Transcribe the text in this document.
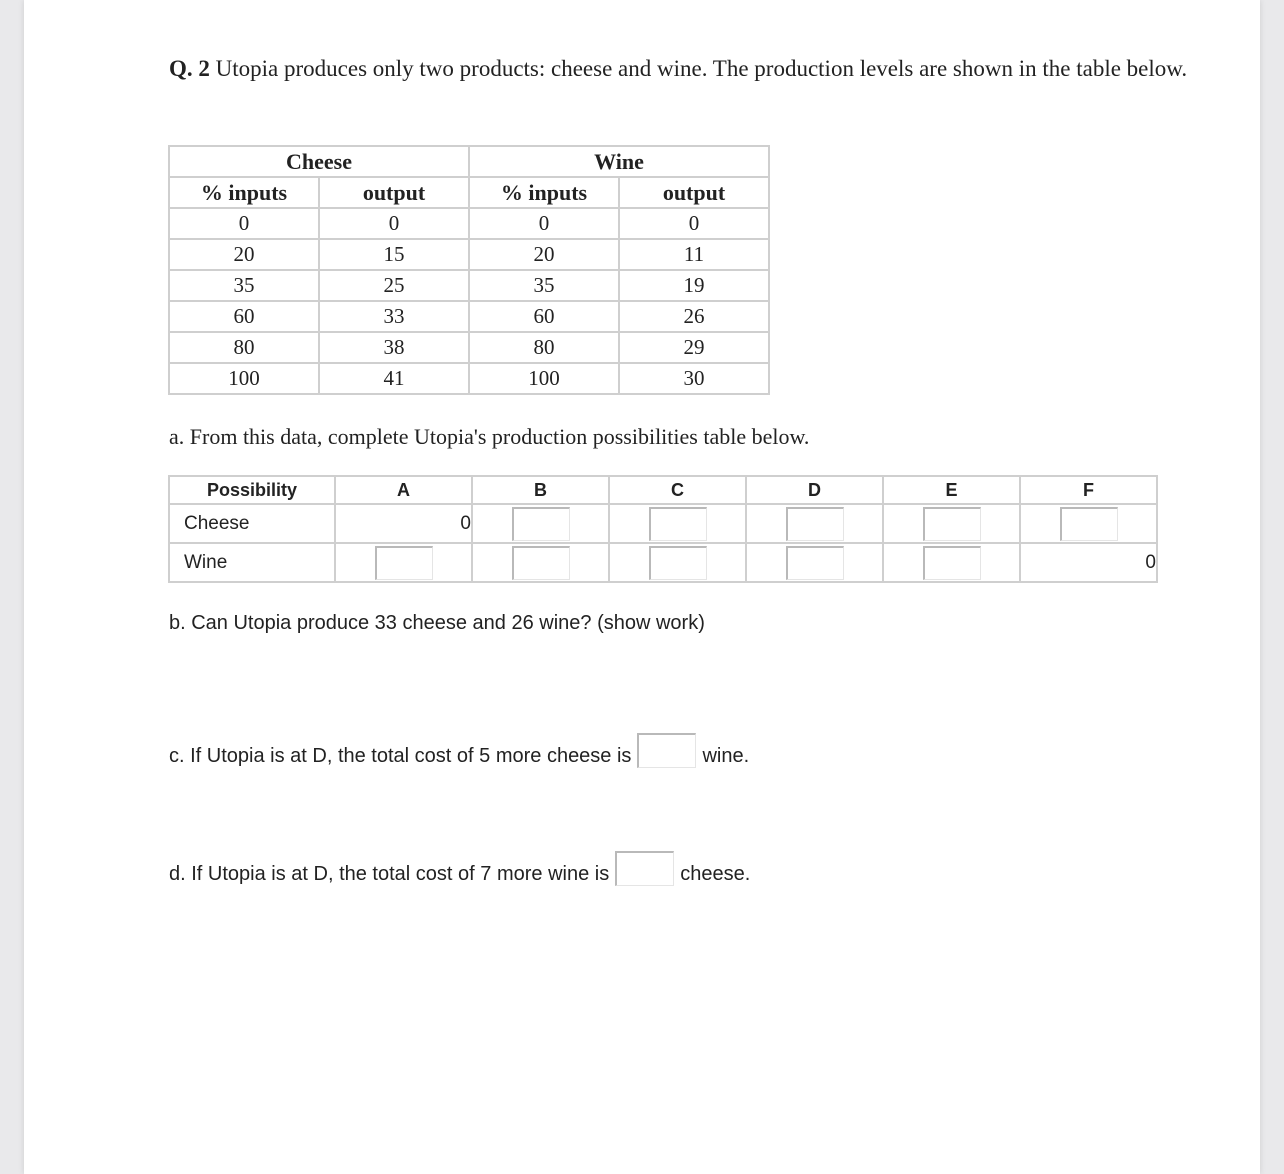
Q. 2 Utopia produces only two products: cheese and wine. The production levels are shown in the table below.
Cheese		Wine	
% inputs	output	% inputs	output
0	0	0	0
20	15	20	11
35	25	35	19
60	33	60	26
80	38	80	29
100	41	100	30
a. From this data, complete Utopia's production possibilities table below.
Possibility	A	B	C	D	E	F
Cheese	0					
Wine						0
b. Can Utopia produce 33 cheese and 26 wine? (show work)
c. If Utopia is at D, the total cost of 5 more cheese is	wine.
d. If Utopia is at D, the total cost of 7 more wine is	cheese.
